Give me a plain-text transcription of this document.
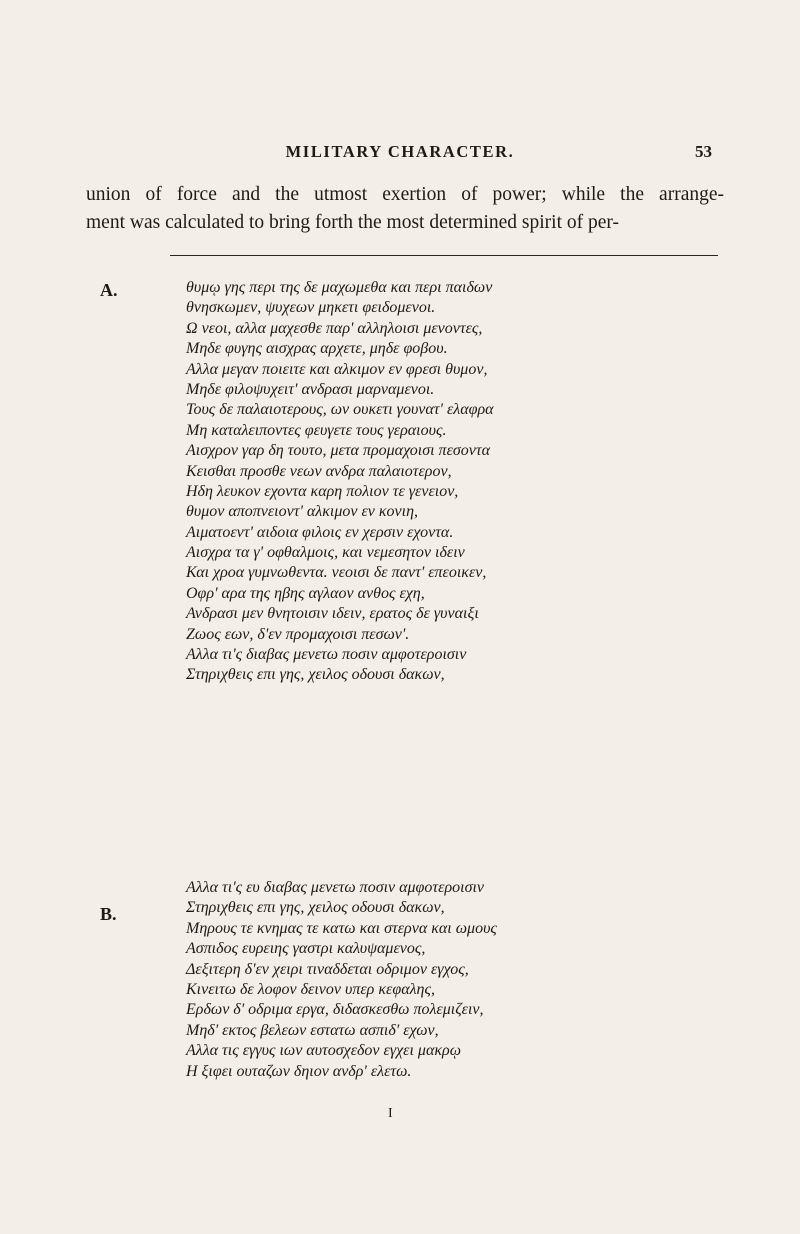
MILITARY CHARACTER.	53
union of force and the utmost exertion of power; while the arrange-
ment was calculated to bring forth the most determined spirit of per-
A.	θυμῳ γης περι της δε μαχωμεθα και περι παιδων
θνησκωμεν, ψυχεων μηκετι φειδομενοι.
Ω νεοι, αλλα μαχεσθε παρ' αλληλοισι μενοντες,
Μηδε φυγης αισχρας αρχετε, μηδε φοβου.
Αλλα μεγαν ποιειτε και αλκιμον εν φρεσι θυμον,
Μηδε φιλοψυχειτ' ανδρασι μαρναμενοι.
Τους δε παλαιοτερους, ων ουκετι γουνατ' ελαφρα
Μη καταλειποντες φευγετε τους γεραιους.
Αισχρον γαρ δη τουτο, μετα προμαχοισι πεσοντα
Κεισθαι προσθε νεων ανδρα παλαιοτερον,
Ηδη λευκον εχοντα καρη πολιον τε γενειον,
θυμον αποπνειοντ' αλκιμον εν κονιη,
Αιματοεντ' αιδοια φιλοις εν χερσιν εχοντα.
Αισχρα τα γ' οφθαλμοις, και νεμεσητον ιδειν
Και χροα γυμνωθεντα. νεοισι δε παντ' επεοικεν,
Οφρ' αρα της ηβης αγλαον ανθος εχη,
Ανδρασι μεν θνητοισιν ιδειν, ερατος δε γυναιξι
Ζωος εων, δ'εν προμαχοισι πεσων'.
Αλλα τι'ς διαβας μενετω ποσιν αμφοτεροισιν
Στηριχθεις επι γης, χειλος οδουσι δακων,
B.
Αλλα τι'ς ευ διαβας μενετω ποσιν αμφοτεροισιν
Στηριχθεις επι γης, χειλος οδουσι δακων,
Μηρους τε κνημας τε κατω και στερνα και ωμους
Ασπιδος ευρειης γαστρι καλυψαμενος,
Δεξιτερη δ'εν χειρι τιναδδεται οδριμον εγχος,
Κινειτω δε λοφον δεινον υπερ κεφαλης,
Ερδων δ' οδριμα εργα, διδασκεσθω πολεμιζειν,
Μηδ' εκτος βελεων εστατω ασπιδ' εχων,
Αλλα τις εγγυς ιων αυτοσχεδον εγχει μακρῳ
Η ξιφει ουταζων δηιον ανδρ' ελετω.
I
